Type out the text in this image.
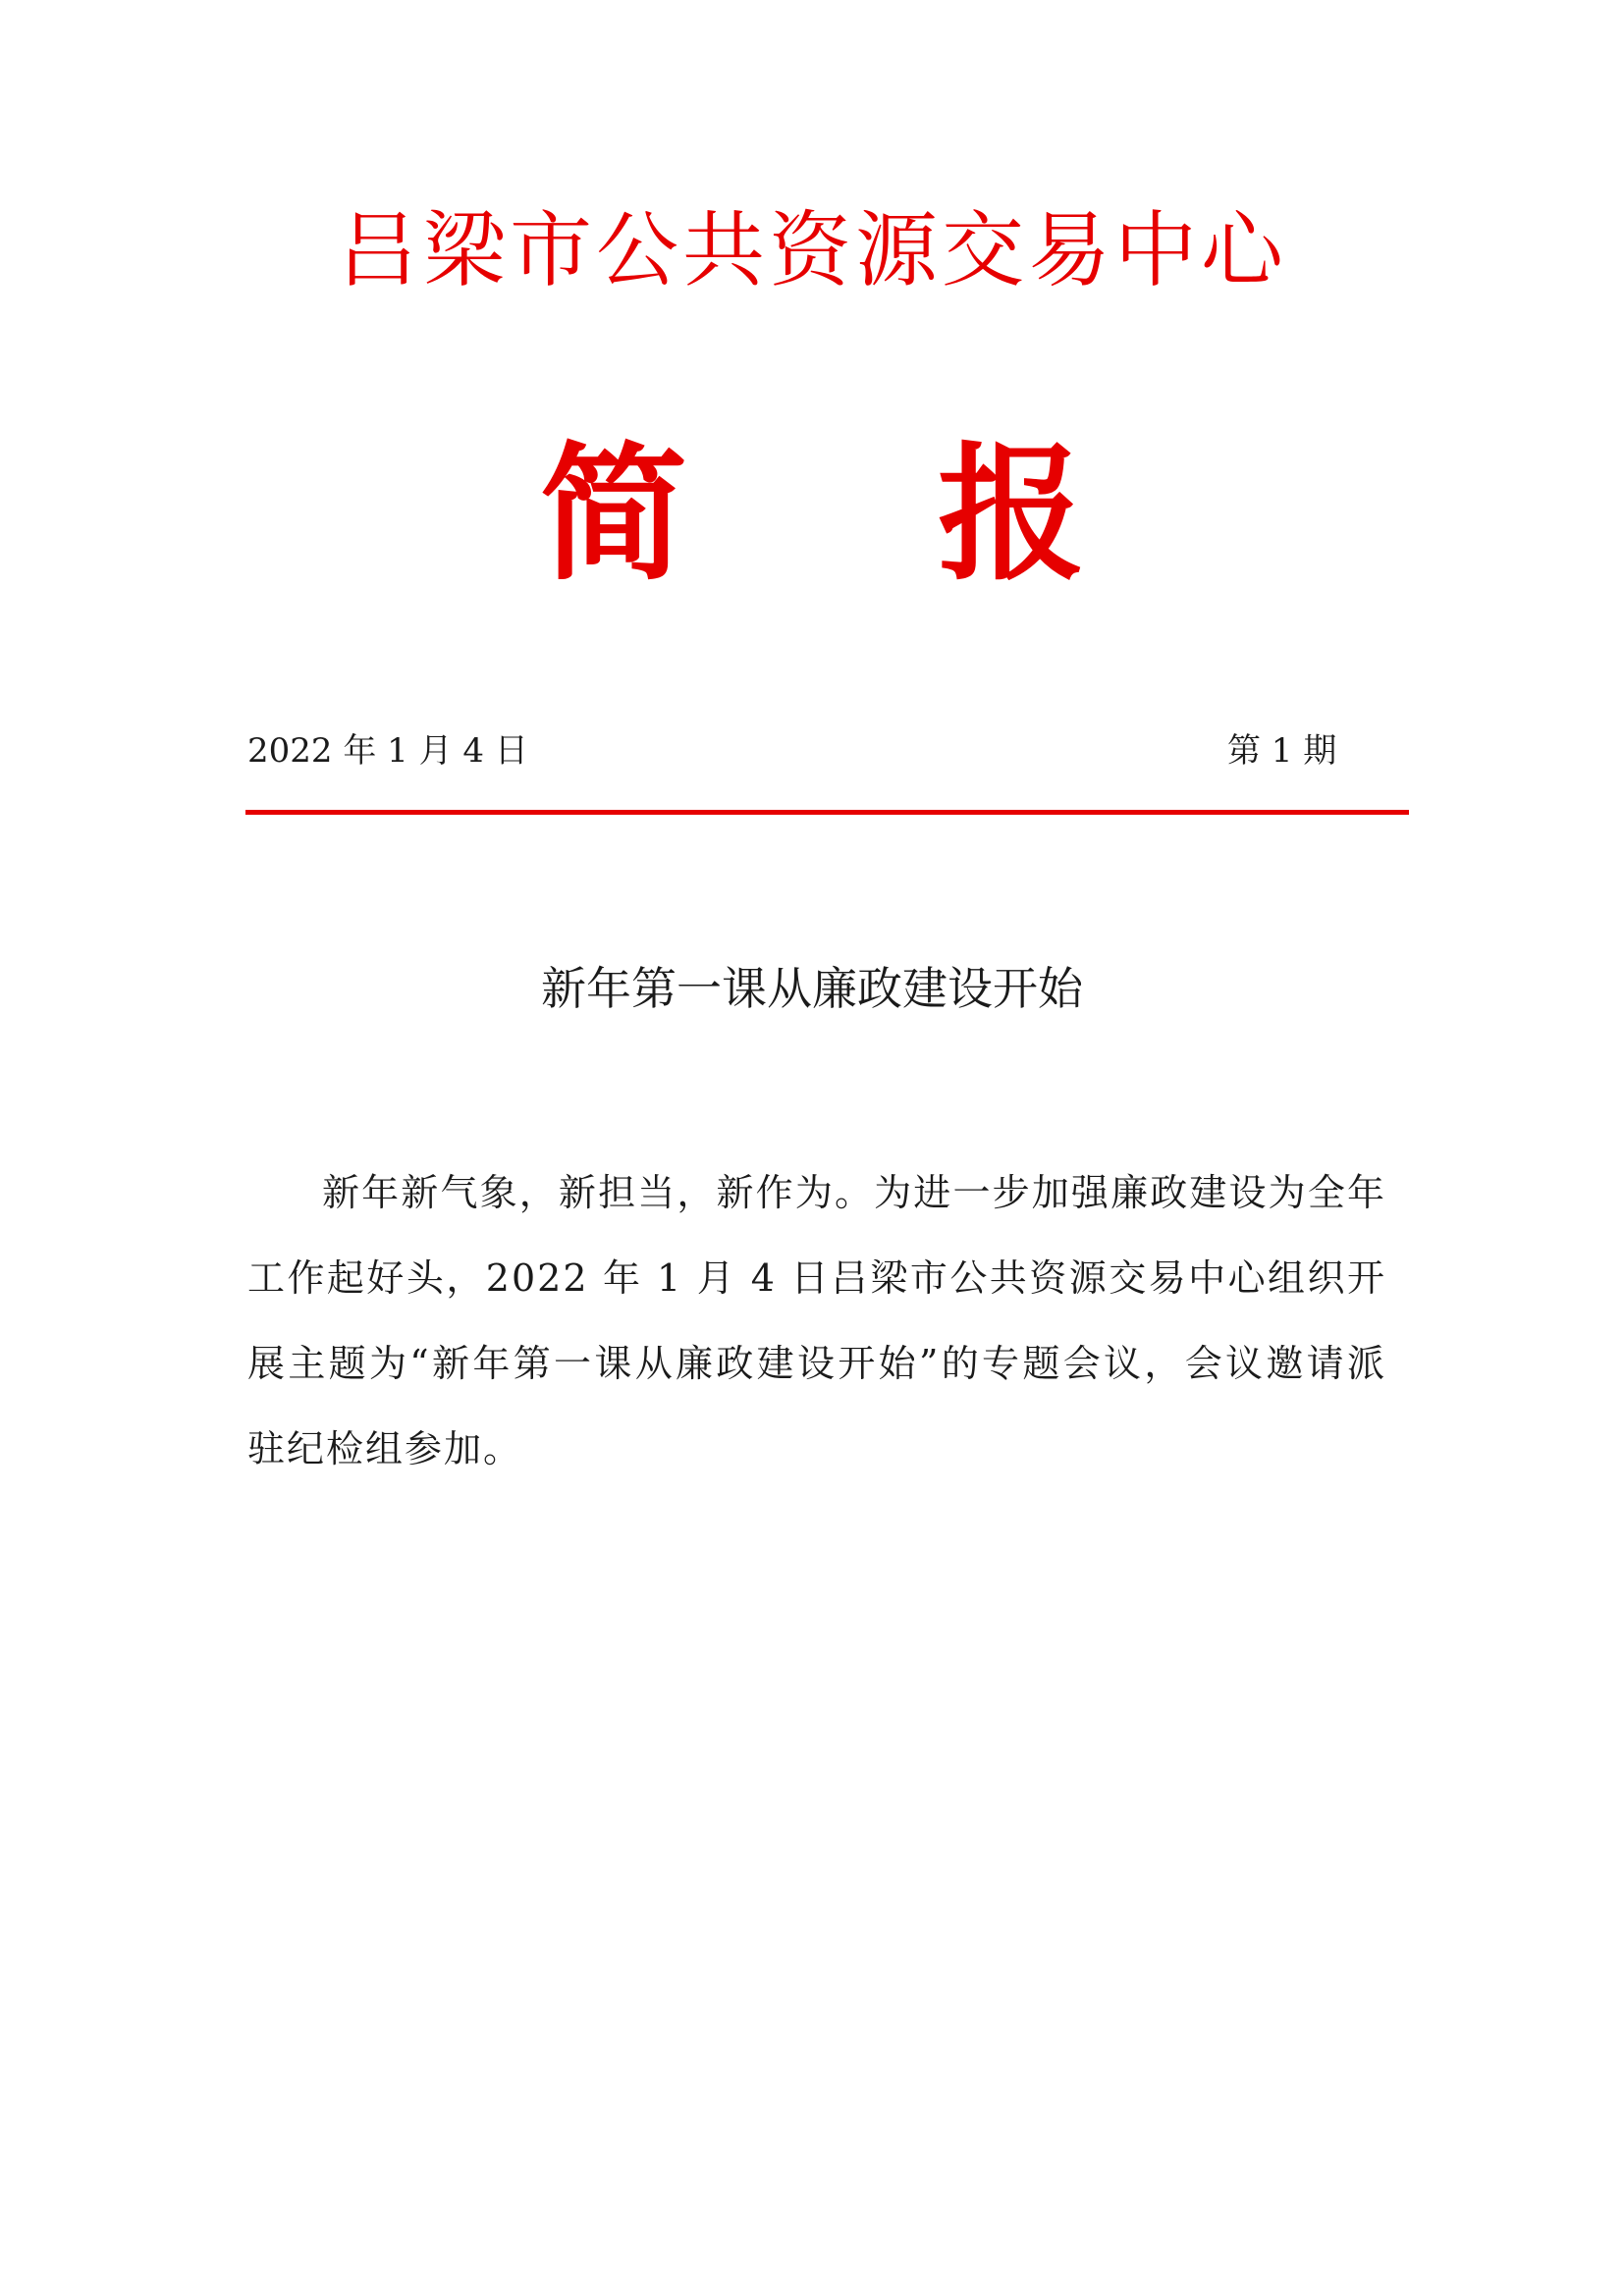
吕梁市公共资源交易中心
简 报
2022 年 1 月 4 日	第 1 期
新年第一课从廉政建设开始
新年新气象，新担当，新作为。为进一步加强廉政建设为全年工作起好头，2022 年 1 月 4 日吕梁市公共资源交易中心组织开展主题为“新年第一课从廉政建设开始”的专题会议，会议邀请派驻纪检组参加。
